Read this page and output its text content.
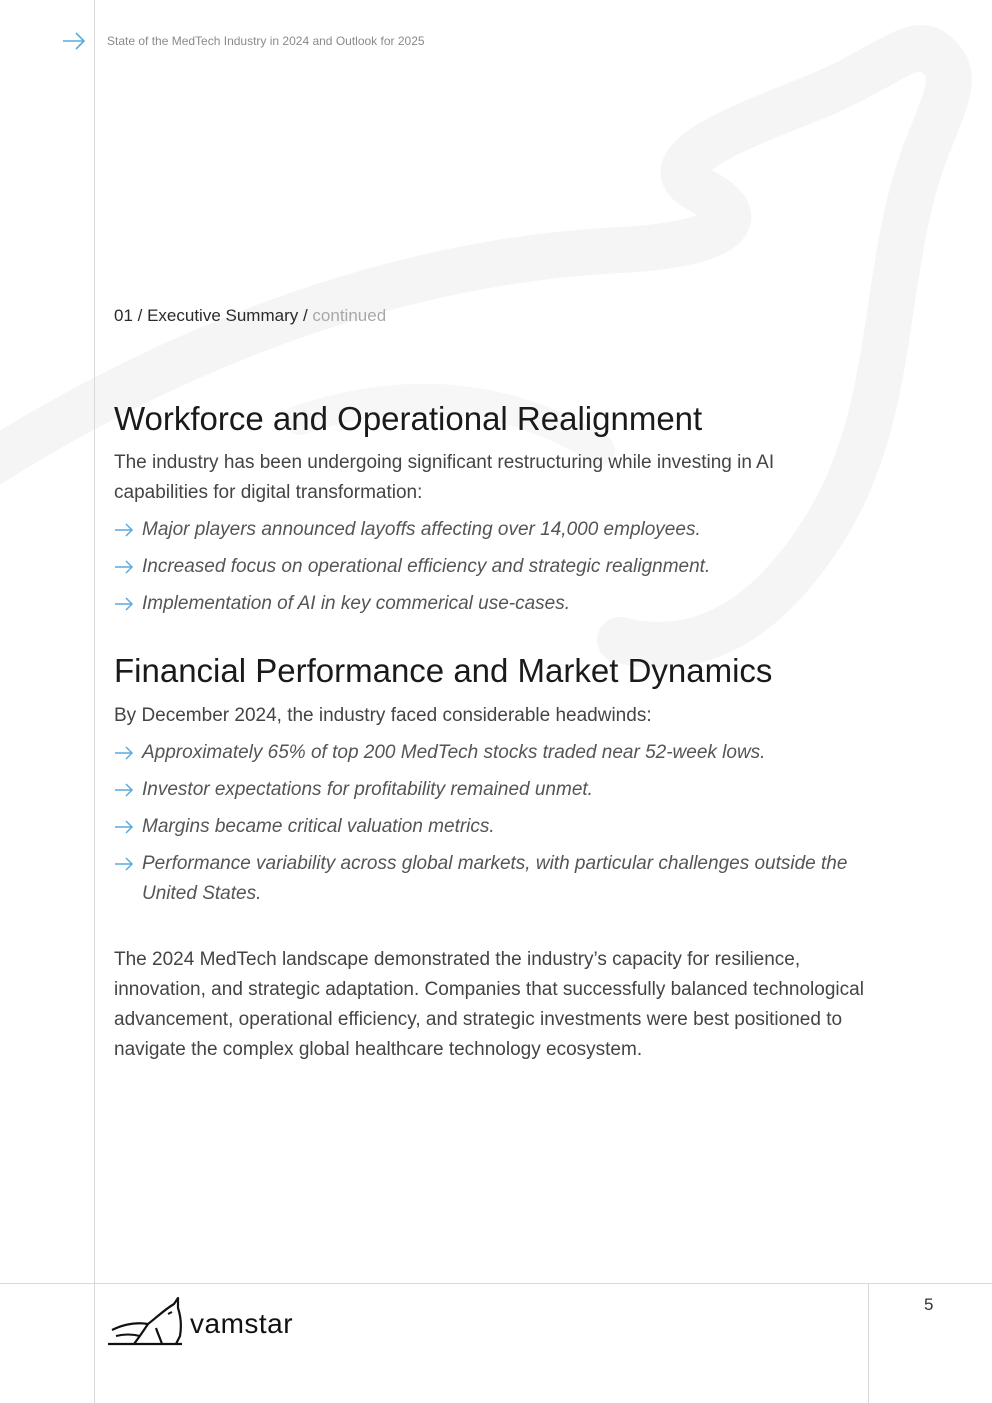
State of the MedTech Industry in 2024 and Outlook for 2025
01 / Executive Summary / continued
Workforce and Operational Realignment

The industry has been undergoing significant restructuring while investing in AI capabilities for digital transformation:

Major players announced layoffs affecting over 14,000 employees.
Increased focus on operational efficiency and strategic realignment.
Implementation of AI in key commerical use-cases.
Financial Performance and Market Dynamics

By December 2024, the industry faced considerable headwinds:

Approximately 65% of top 200 MedTech stocks traded near 52-week lows.
Investor expectations for profitability remained unmet.
Margins became critical valuation metrics.
Performance variability across global markets, with particular challenges outside the United States.

The 2024 MedTech landscape demonstrated the industry’s capacity for resilience, innovation, and strategic adaptation. Companies that successfully balanced technological advancement, operational efficiency, and strategic investments were best positioned to navigate the complex global healthcare technology ecosystem.

vamstar
5
